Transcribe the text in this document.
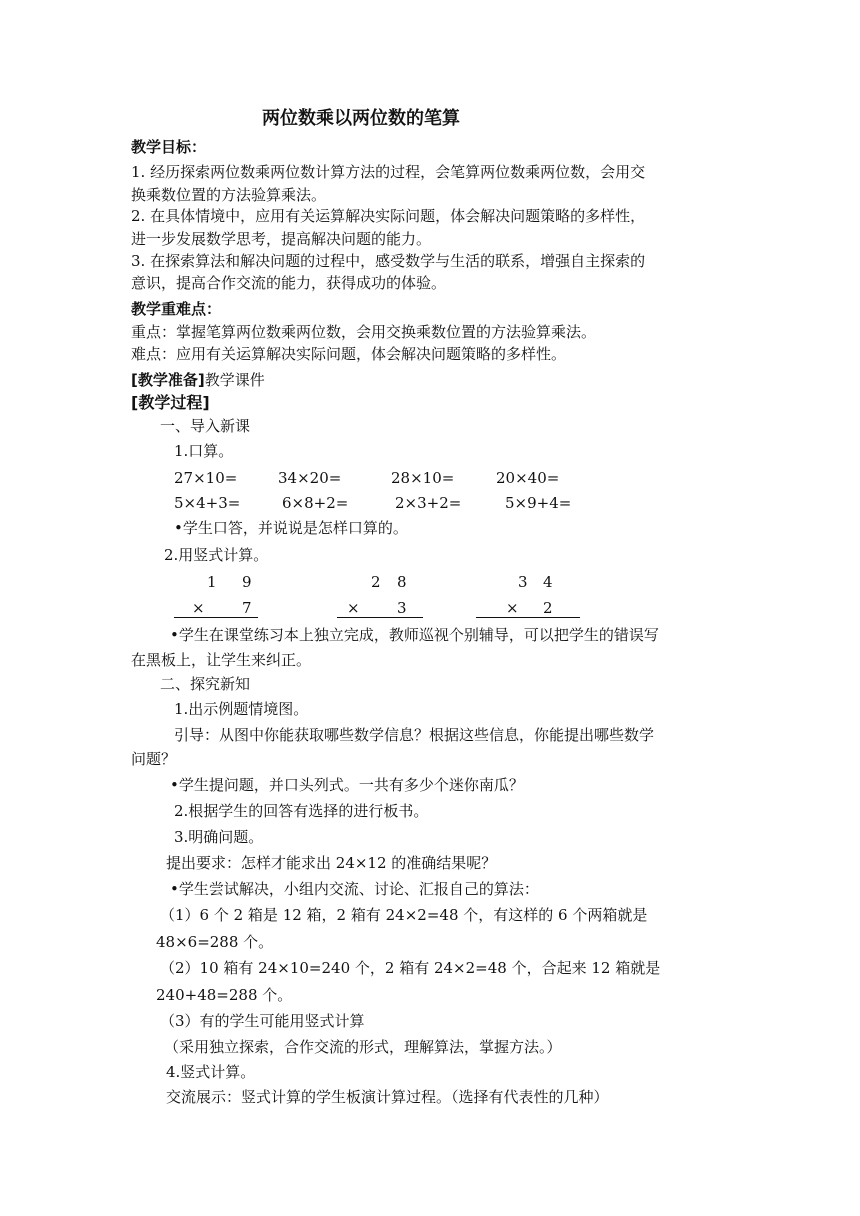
两位数乘以两位数的笔算
教学目标：
1. 经历探索两位数乘两位数计算方法的过程，会笔算两位数乘两位数，会用交
换乘数位置的方法验算乘法。
2. 在具体情境中，应用有关运算解决实际问题，体会解决问题策略的多样性，
进一步发展数学思考，提高解决问题的能力。
3. 在探索算法和解决问题的过程中，感受数学与生活的联系，增强自主探索的
意识，提高合作交流的能力，获得成功的体验。
教学重难点：
重点：掌握笔算两位数乘两位数，会用交换乘数位置的方法验算乘法。
难点：应用有关运算解决实际问题，体会解决问题策略的多样性。
[教学准备]教学课件
[教学过程]
一、导入新课
1.口算。
27×10=	34×20=	28×10=	20×40=
5×4+3=	6×8+2=	2×3+2=	5×9+4=
•学生口答，并说说是怎样口算的。
2.用竖式计算。
1 9
× 7
2 8
× 3
3 4
× 2
•学生在课堂练习本上独立完成，教师巡视个别辅导，可以把学生的错误写
在黑板上，让学生来纠正。
二、探究新知
1.出示例题情境图。
引导：从图中你能获取哪些数学信息？根据这些信息，你能提出哪些数学
问题？
•学生提问题，并口头列式。一共有多少个迷你南瓜？
2.根据学生的回答有选择的进行板书。
3.明确问题。
提出要求：怎样才能求出 24×12 的准确结果呢？
•学生尝试解决，小组内交流、讨论、汇报自己的算法：
（1）6 个 2 箱是 12 箱，2 箱有 24×2=48 个，有这样的 6 个两箱就是
48×6=288 个。
（2）10 箱有 24×10=240 个，2 箱有 24×2=48 个，合起来 12 箱就是
240+48=288 个。
（3）有的学生可能用竖式计算
（采用独立探索，合作交流的形式，理解算法，掌握方法。）
4.竖式计算。
交流展示：竖式计算的学生板演计算过程。（选择有代表性的几种）
